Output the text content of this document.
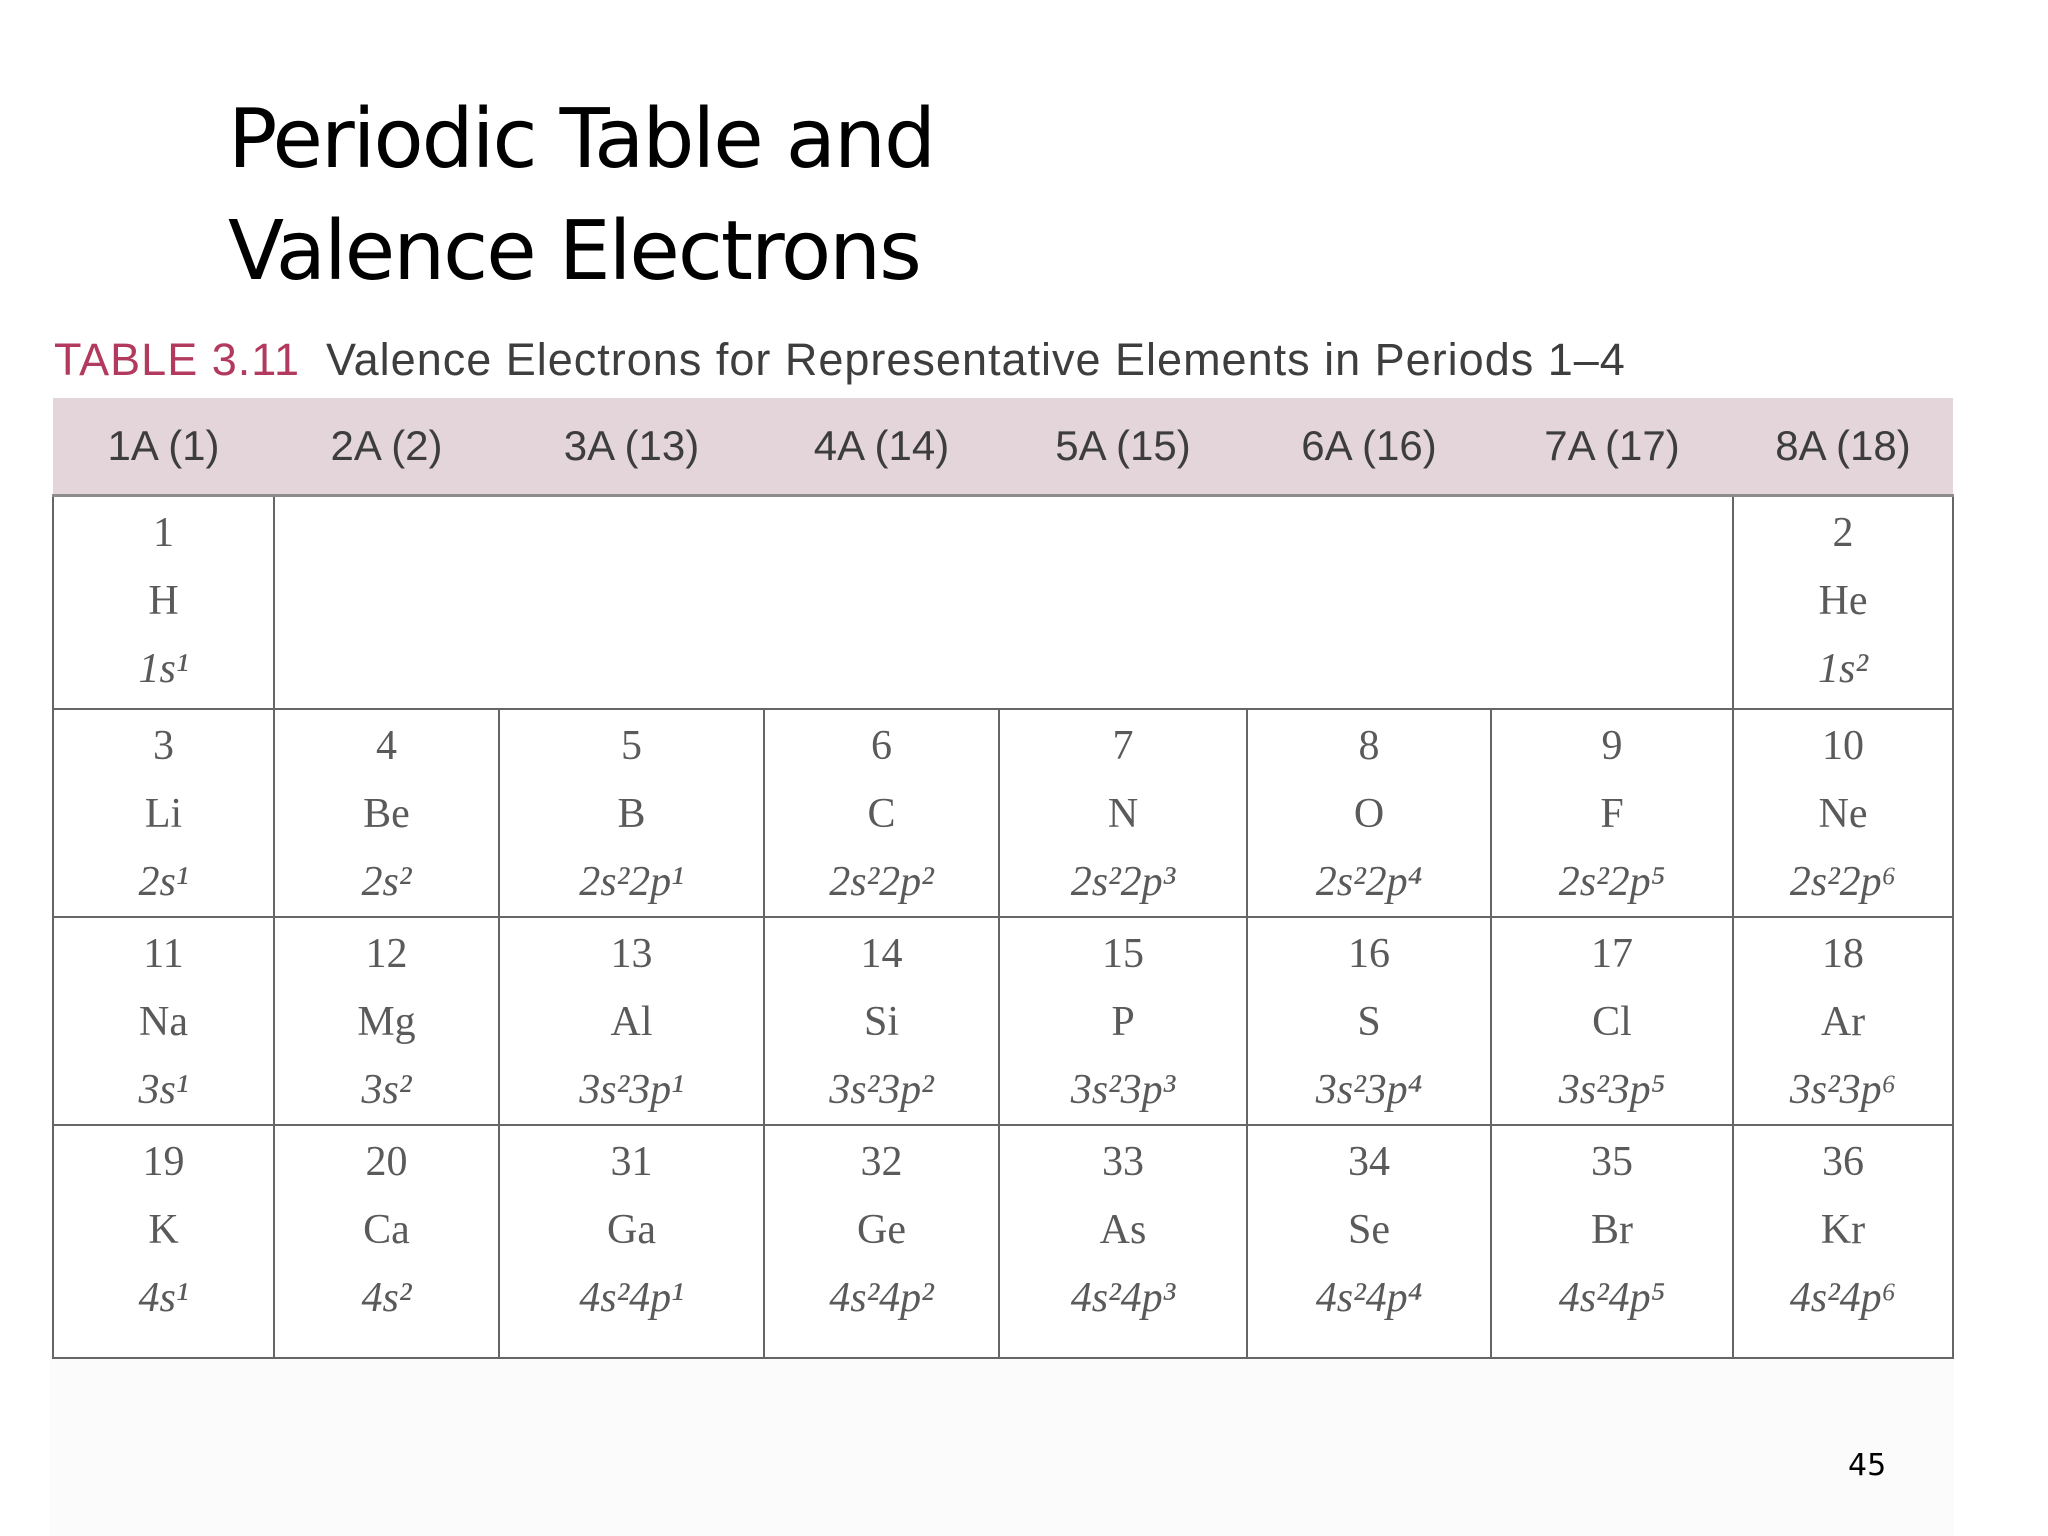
Periodic Table and
Valence Electrons
TABLE 3.11 Valence Electrons for Representative Elements in Periods 1–4
1A (1)	2A (2)	3A (13)	4A (14)	5A (15)	6A (16)	7A (17)	8A (18)

1
H
1s¹							2
He
1s²

3
Li
2s¹	4
Be
2s²	5
B
2s²2p¹	6
C
2s²2p²	7
N
2s²2p³	8
O
2s²2p⁴	9
F
2s²2p⁵	10
Ne
2s²2p⁶

11
Na
3s¹	12
Mg
3s²	13
Al
3s²3p¹	14
Si
3s²3p²	15
P
3s²3p³	16
S
3s²3p⁴	17
Cl
3s²3p⁵	18
Ar
3s²3p⁶

19
K
4s¹	20
Ca
4s²	31
Ga
4s²4p¹	32
Ge
4s²4p²	33
As
4s²4p³	34
Se
4s²4p⁴	35
Br
4s²4p⁵	36
Kr
4s²4p⁶
45
